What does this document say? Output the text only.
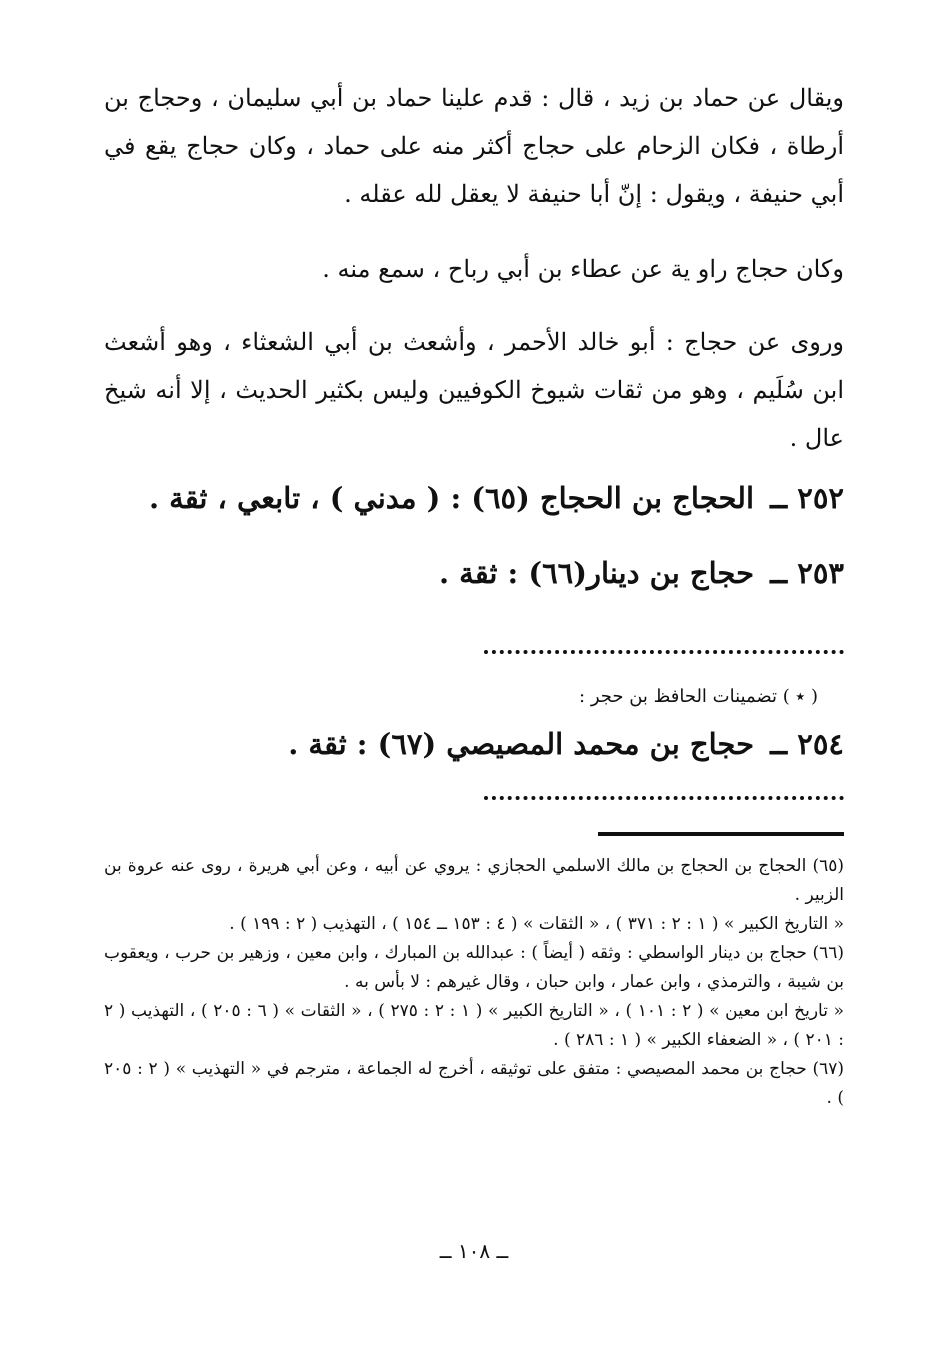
ويقال عن حماد بن زيد ، قال : قدم علينا حماد بن أبي سليمان ، وحجاج بن أرطاة ، فكان الزحام على حجاج أكثر منه على حماد ، وكان حجاج يقع في أبي حنيفة ، ويقول : إنّ أبا حنيفة لا يعقل لله عقله .

وكان حجاج راو ية عن عطاء بن أبي رباح ، سمع منه .

وروى عن حجاج : أبو خالد الأحمر ، وأشعث بن أبي الشعثاء ، وهو أشعث ابن سُلَيم ، وهو من ثقات شيوخ الكوفيين وليس بكثير الحديث ، إلا أنه شيخ عال .

٢٥٢ ــ الحجاج بن الحجاج (٦٥) : ( مدني ) ، تابعي ، ثقة .

٢٥٣ ــ حجاج بن دينار(٦٦) : ثقة .

( ٭ ) تضمينات الحافظ بن حجر :

٢٥٤ ــ حجاج بن محمد المصيصي (٦٧) : ثقة .

(٦٥) الحجاج بن الحجاج بن مالك الاسلمي الحجازي : يروي عن أبيه ، وعن أبي هريرة ، روى عنه عروة بن الزبير .

« التاريخ الكبير » ( ١ : ٢ : ٣٧١ ) ، « الثقات » ( ٤ : ١٥٣ ــ ١٥٤ ) ، التهذيب ( ٢ : ١٩٩ ) .

(٦٦) حجاج بن دينار الواسطي : وثقه ( أيضاً ) : عبدالله بن المبارك ، وابن معين ، وزهير بن حرب ، ويعقوب بن شيبة ، والترمذي ، وابن عمار ، وابن حبان ، وقال غيرهم : لا بأس به .

« تاريخ ابن معين » ( ٢ : ١٠١ ) ، « التاريخ الكبير » ( ١ : ٢ : ٢٧٥ ) ، « الثقات » ( ٦ : ٢٠٥ ) ، التهذيب ( ٢ : ٢٠١ ) ، « الضعفاء الكبير » ( ١ : ٢٨٦ ) .

(٦٧) حجاج بن محمد المصيصي : متفق على توثيقه ، أخرج له الجماعة ، مترجم في « التهذيب » ( ٢ : ٢٠٥ ) .

ــ ١٠٨ ــ
